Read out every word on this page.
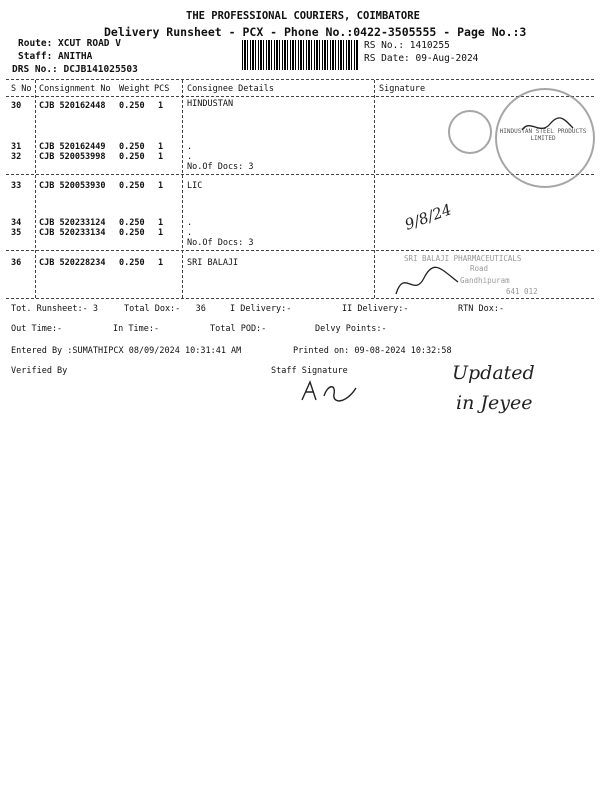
THE PROFESSIONAL COURIERS, COIMBATORE
Delivery Runsheet - PCX - Phone No.:0422-3505555 - Page No.:3
Route: XCUT ROAD V
Staff: ANITHA
DRS No.: DCJB141025503
RS No.: 1410255
RS Date: 09-Aug-2024
S No Consignment No Weight PCS Consignee Details	Signature
30 CJB 520162448 0.250 1	HINDUSTAN
31 CJB 520162449 0.250 1	.
32 CJB 520053998 0.250 1	.
No.Of Docs: 3
33 CJB 520053930 0.250 1	LIC
34 CJB 520233124 0.250 1	.
35 CJB 520233134 0.250 1	.
No.Of Docs: 3
36 CJB 520228234 0.250 1	SRI BALAJI
HINDUSTAN STEEL PRODUCTS LIMITED
SRI BALAJI PHARMACEUTICALS
Road
Gandhipuram
641 012
9/8/24
Tot. Runsheet:- 3	Total Dox:-   36	I Delivery:-	II Delivery:-	RTN Dox:-
Out Time:-	In Time:-	Total POD:-	Delvy Points:-
Entered By :SUMATHIPCX 08/09/2024 10:31:41 AM	Printed on: 09-08-2024 10:32:58
Verified By	Staff Signature	Updated
in Jeyee
